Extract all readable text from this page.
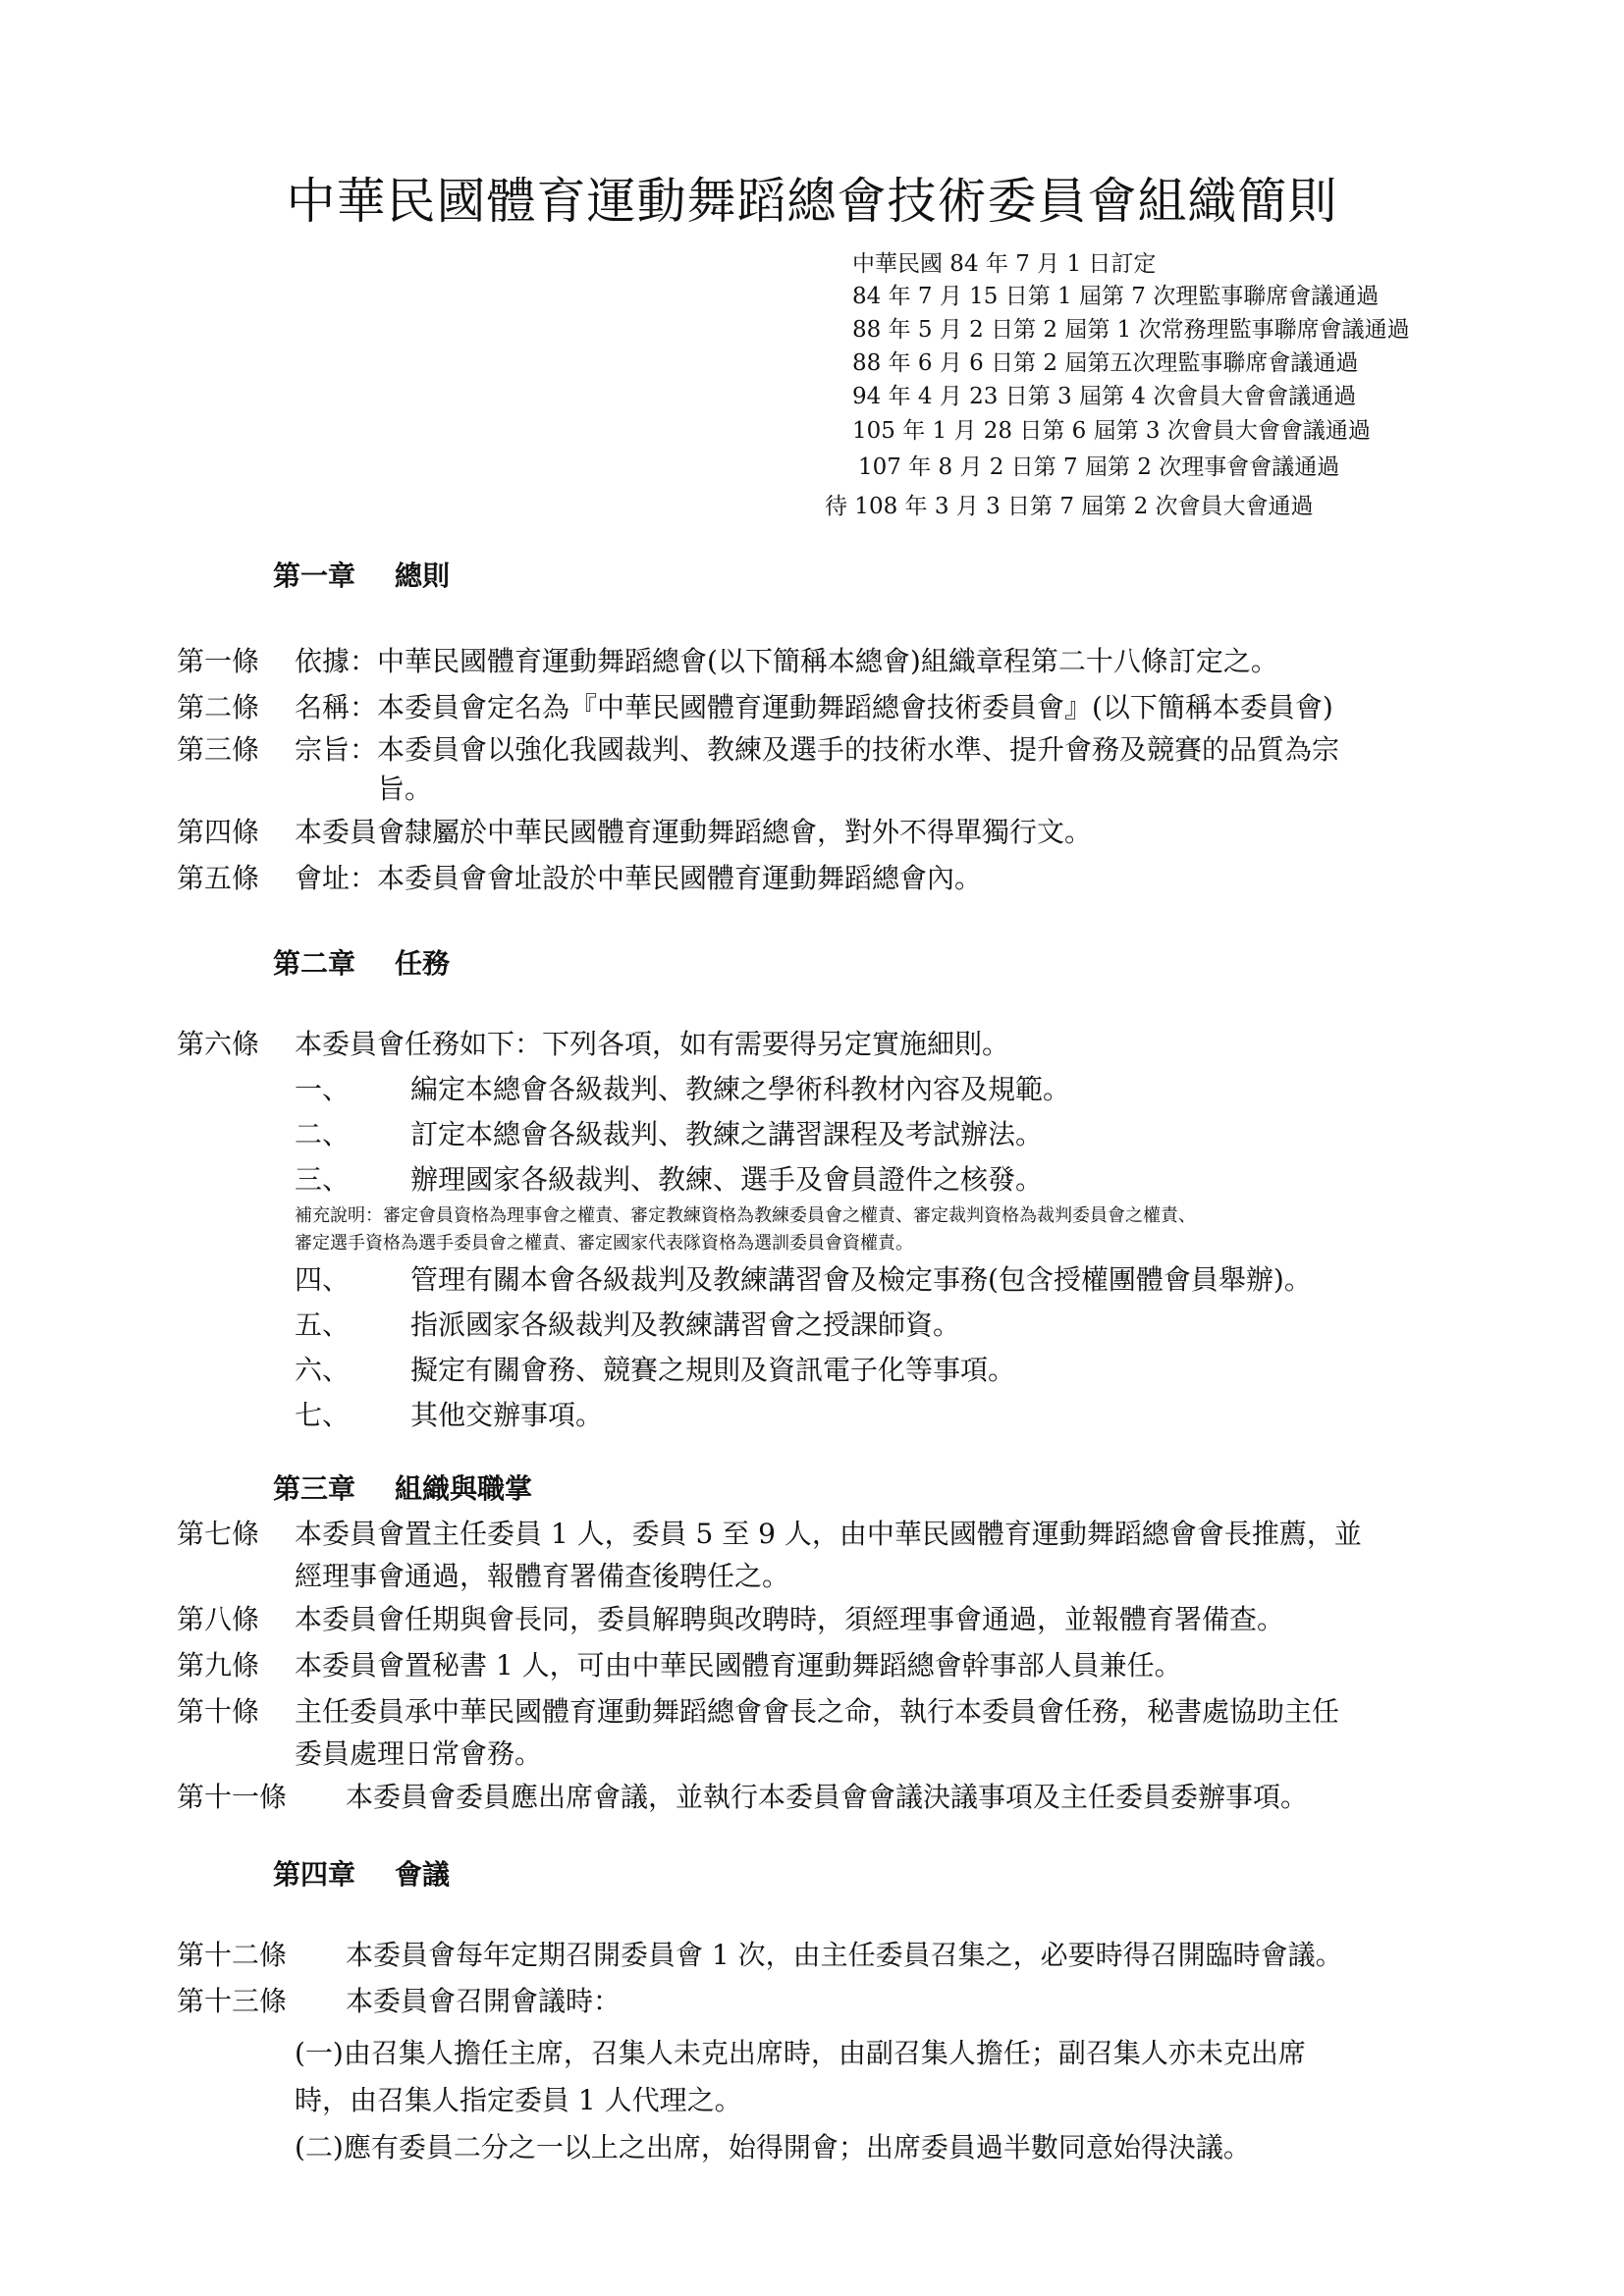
中華民國體育運動舞蹈總會技術委員會組織簡則
中華民國 84 年 7 月 1 日訂定
84 年 7 月 15 日第 1 屆第 7 次理監事聯席會議通過
88 年 5 月 2 日第 2 屆第 1 次常務理監事聯席會議通過
88 年 6 月 6 日第 2 屆第五次理監事聯席會議通過
94 年 4 月 23 日第 3 屆第 4 次會員大會會議通過
105 年 1 月 28 日第 6 屆第 3 次會員大會會議通過
107 年 8 月 2 日第 7 屆第 2 次理事會會議通過
待 108 年 3 月 3 日第 7 屆第 2 次會員大會通過
第一章 總則
第一條	依據：中華民國體育運動舞蹈總會(以下簡稱本總會)組織章程第二十八條訂定之。
第二條	名稱：本委員會定名為『中華民國體育運動舞蹈總會技術委員會』(以下簡稱本委員會)
第三條	宗旨：本委員會以強化我國裁判、教練及選手的技術水準、提升會務及競賽的品質為宗
旨。
第四條	本委員會隸屬於中華民國體育運動舞蹈總會，對外不得單獨行文。
第五條	會址：本委員會會址設於中華民國體育運動舞蹈總會內。
第二章 任務
第六條	本委員會任務如下：下列各項，如有需要得另定實施細則。
一、	編定本總會各級裁判、教練之學術科教材內容及規範。
二、	訂定本總會各級裁判、教練之講習課程及考試辦法。
三、	辦理國家各級裁判、教練、選手及會員證件之核發。
補充說明：審定會員資格為理事會之權責、審定教練資格為教練委員會之權責、審定裁判資格為裁判委員會之權責、
審定選手資格為選手委員會之權責、審定國家代表隊資格為選訓委員會資權責。
四、	管理有關本會各級裁判及教練講習會及檢定事務(包含授權團體會員舉辦)。
五、	指派國家各級裁判及教練講習會之授課師資。
六、	擬定有關會務、競賽之規則及資訊電子化等事項。
七、	其他交辦事項。
第三章 組織與職掌
第七條	本委員會置主任委員 1 人，委員 5 至 9 人，由中華民國體育運動舞蹈總會會長推薦，並
經理事會通過，報體育署備查後聘任之。
第八條	本委員會任期與會長同，委員解聘與改聘時，須經理事會通過，並報體育署備查。
第九條	本委員會置秘書 1 人，可由中華民國體育運動舞蹈總會幹事部人員兼任。
第十條	主任委員承中華民國體育運動舞蹈總會會長之命，執行本委員會任務，秘書處協助主任
委員處理日常會務。
第十一條	本委員會委員應出席會議，並執行本委員會會議決議事項及主任委員委辦事項。
第四章 會議
第十二條	本委員會每年定期召開委員會 1 次，由主任委員召集之，必要時得召開臨時會議。
第十三條	本委員會召開會議時：
(一)由召集人擔任主席，召集人未克出席時，由副召集人擔任；副召集人亦未克出席
時，由召集人指定委員 1 人代理之。
(二)應有委員二分之一以上之出席，始得開會；出席委員過半數同意始得決議。
